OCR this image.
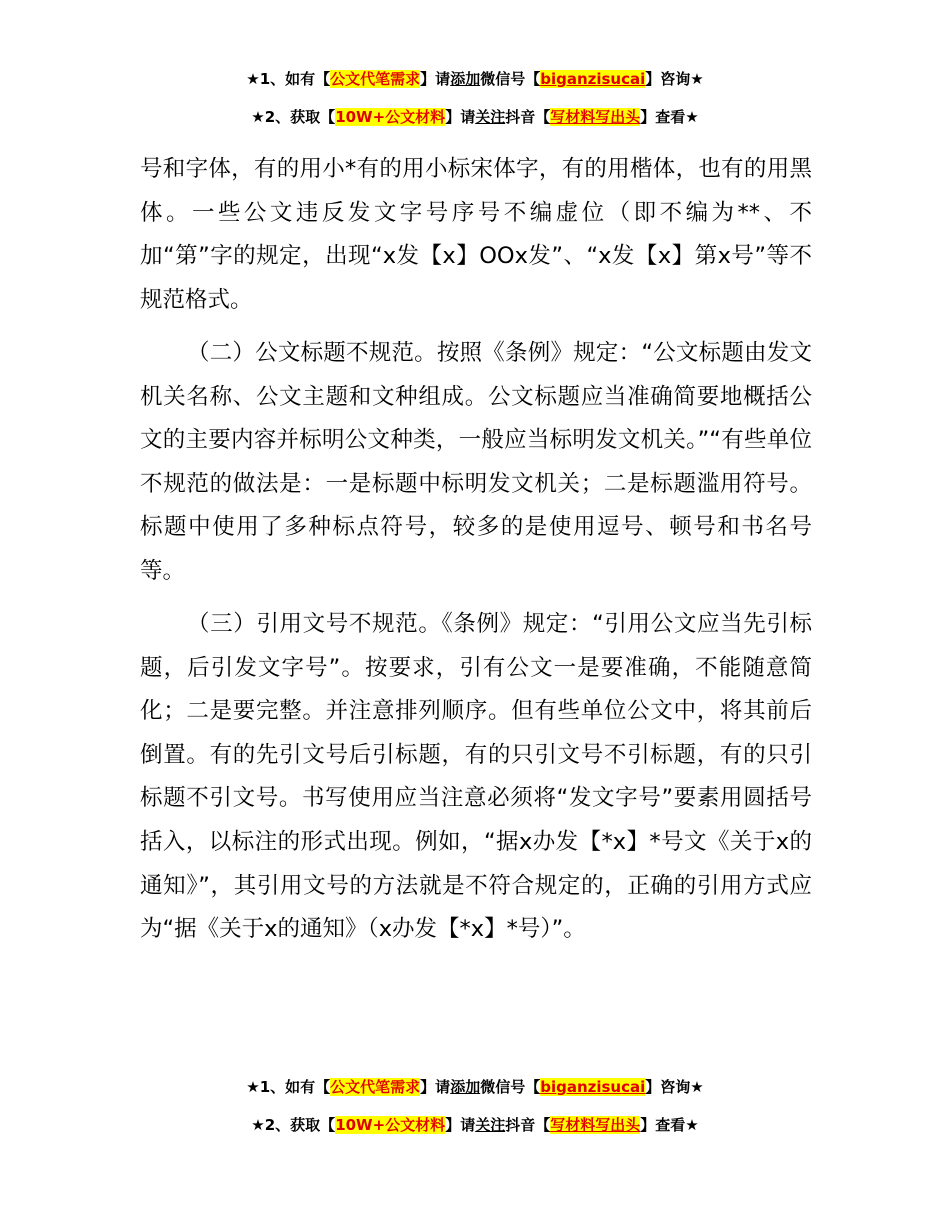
★1、如有【公文代笔需求】请添加微信号【biganzisucai】咨询★
★2、获取【10W+公文材料】请关注抖音【写材料写出头】查看★

号和字体，有的用小*有的用小标宋体字，有的用楷体，也有的用黑体。一些公文违反发文字号序号不编虚位（即不编为**、不加“第”字的规定，出现“x发【x】OOx发”、“x发【x】第x号”等不规范格式。

（二）公文标题不规范。按照《条例》规定：“公文标题由发文机关名称、公文主题和文种组成。公文标题应当准确简要地概括公文的主要内容并标明公文种类，一般应当标明发文机关。”“有些单位不规范的做法是：一是标题中标明发文机关；二是标题滥用符号。标题中使用了多种标点符号，较多的是使用逗号、顿号和书名号等。

（三）引用文号不规范。《条例》规定：“引用公文应当先引标题，后引发文字号”。按要求，引有公文一是要准确，不能随意简化；二是要完整。并注意排列顺序。但有些单位公文中，将其前后倒置。有的先引文号后引标题，有的只引文号不引标题，有的只引标题不引文号。书写使用应当注意必须将“发文字号”要素用圆括号括入，以标注的形式出现。例如，“据x办发【*x】*号文《关于x的通知》”，其引用文号的方法就是不符合规定的，正确的引用方式应为“据《关于x的通知》（x办发【*x】*号）”。

★1、如有【公文代笔需求】请添加微信号【biganzisucai】咨询★
★2、获取【10W+公文材料】请关注抖音【写材料写出头】查看★
